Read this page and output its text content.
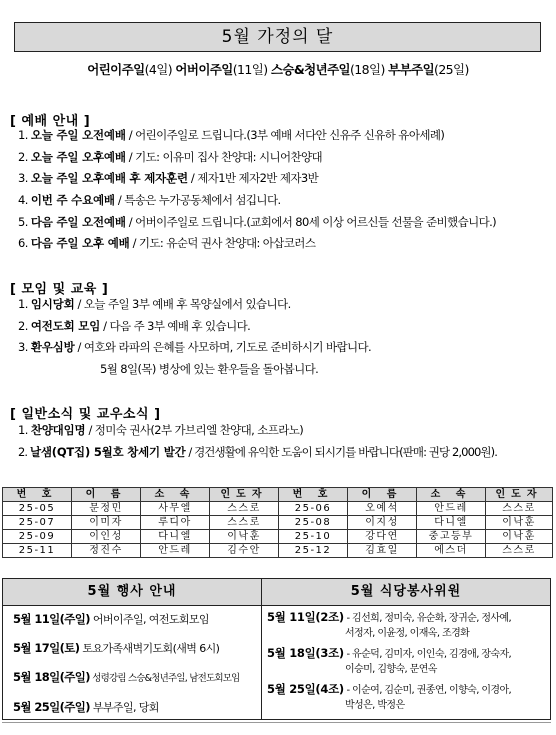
5월 가정의 달
어린이주일(4일) 어버이주일(11일) 스승&청년주일(18일) 부부주일(25일)
[ 예배 안내 ]
1. 오늘 주일 오전예배 / 어린이주일로 드립니다.(3부 예배 서다안 신유주 신유하 유아세례)
2. 오늘 주일 오후예배 / 기도: 이유미 집사 찬양대: 시니어찬양대
3. 오늘 주일 오후예배 후 제자훈련 / 제자1반 제자2반 제자3반
4. 이번 주 수요예배 / 특송은 누가공동체에서 섬깁니다.
5. 다음 주일 오전예배 / 어버이주일로 드립니다.(교회에서 80세 이상 어르신들 선물을 준비했습니다.)
6. 다음 주일 오후 예배 / 기도: 유순덕 권사 찬양대: 아삽코러스
[ 모임 및 교육 ]
1. 임시당회 / 오늘 주일 3부 예배 후 목양실에서 있습니다.
2. 여전도회 모임 / 다음 주 3부 예배 후 있습니다.
3. 환우심방 / 여호와 라파의 은혜를 사모하며, 기도로 준비하시기 바랍니다.
5월 8일(목) 병상에 있는 환우들을 돌아봅니다.
[ 일반소식 및 교우소식 ]
1. 찬양대임명 / 정미숙 권사(2부 가브리엘 찬양대, 소프라노)
2. 날샘(QT집) 5월호 창세기 발간 / 경건생활에 유익한 도움이 되시기를 바랍니다(판매: 권당 2,000원).
번 호	이 름	소 속	인도자	번 호	이 름	소 속	인도자
25-05	문정민	사무엘	스스로	25-06	오예석	안드레	스스로
25-07	이미자	루디아	스스로	25-08	이지성	다니엘	이낙훈
25-09	이인성	다니엘	이낙훈	25-10	강다연	중고등부	이낙훈
25-11	정진수	안드레	김수안	25-12	김효일	에스더	스스로
5월 행사 안내	5월 식당봉사위원
5월 11일(주일) 어버이주일, 여전도회모임
5월 17일(토) 토요가족새벽기도회(새벽 6시)
5월 18일(주일) 성령강림 스승&청년주일, 남전도회모임
5월 25일(주일) 부부주일, 당회
5월 11일(2조) - 김선희, 정미숙, 유순화, 장귀순, 정사예,
서정자, 이윤정, 이재옥, 조경화
5월 18일(3조) - 유순덕, 김미자, 이인숙, 김경애, 장숙자,
이승미, 김향숙, 문연옥
5월 25일(4조) - 이순여, 김순미, 권종연, 이향숙, 이경아,
박성은, 박정은
